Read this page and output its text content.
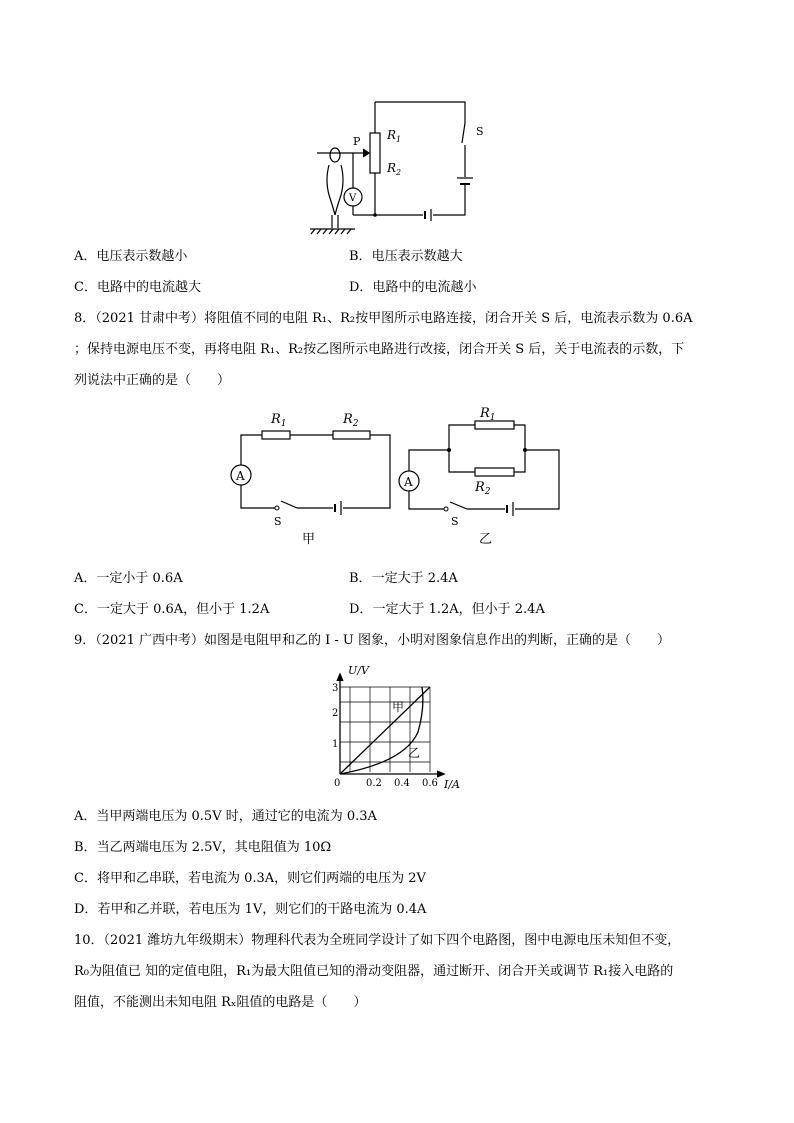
P $R_1$
$R_2$
S
V
A．电压表示数越小	B．电压表示数越大
C．电路中的电流越大	D．电路中的电流越小
8．（2021 甘肃中考）将阻值不同的电阻 R₁、R₂按甲图所示电路连接，闭合开关 S 后，电流表示数为 0.6A
；保持电源电压不变，再将电阻 R₁、R₂按乙图所示电路进行改接，闭合开关 S 后，关于电流表的示数，下
列说法中正确的是（　　）
$R_1$	$R_2$
A
S
甲
$R_1$
$R_2$
A
S
乙
A．一定小于 0.6A	B．一定大于 2.4A
C．一定大于 0.6A，但小于 1.2A	D．一定大于 1.2A，但小于 2.4A
9．（2021 广西中考）如图是电阻甲和乙的 I - U 图象，小明对图象信息作出的判断，正确的是（　　）
U/V
I/A
3
2
1
0	0.2 0.4 0.6
甲
乙
A．当甲两端电压为 0.5V 时，通过它的电流为 0.3A
B．当乙两端电压为 2.5V，其电阻值为 10Ω
C．将甲和乙串联，若电流为 0.3A，则它们两端的电压为 2V
D．若甲和乙并联，若电压为 1V，则它们的干路电流为 0.4A
10．（2021 潍坊九年级期末）物理科代表为全班同学设计了如下四个电路图，图中电源电压未知但不变，
R₀为阻值已 知的定值电阻，R₁为最大阻值已知的滑动变阻器，通过断开、闭合开关或调节 R₁接入电路的
阻值，不能测出未知电阻 Rₓ阻值的电路是（　　）
